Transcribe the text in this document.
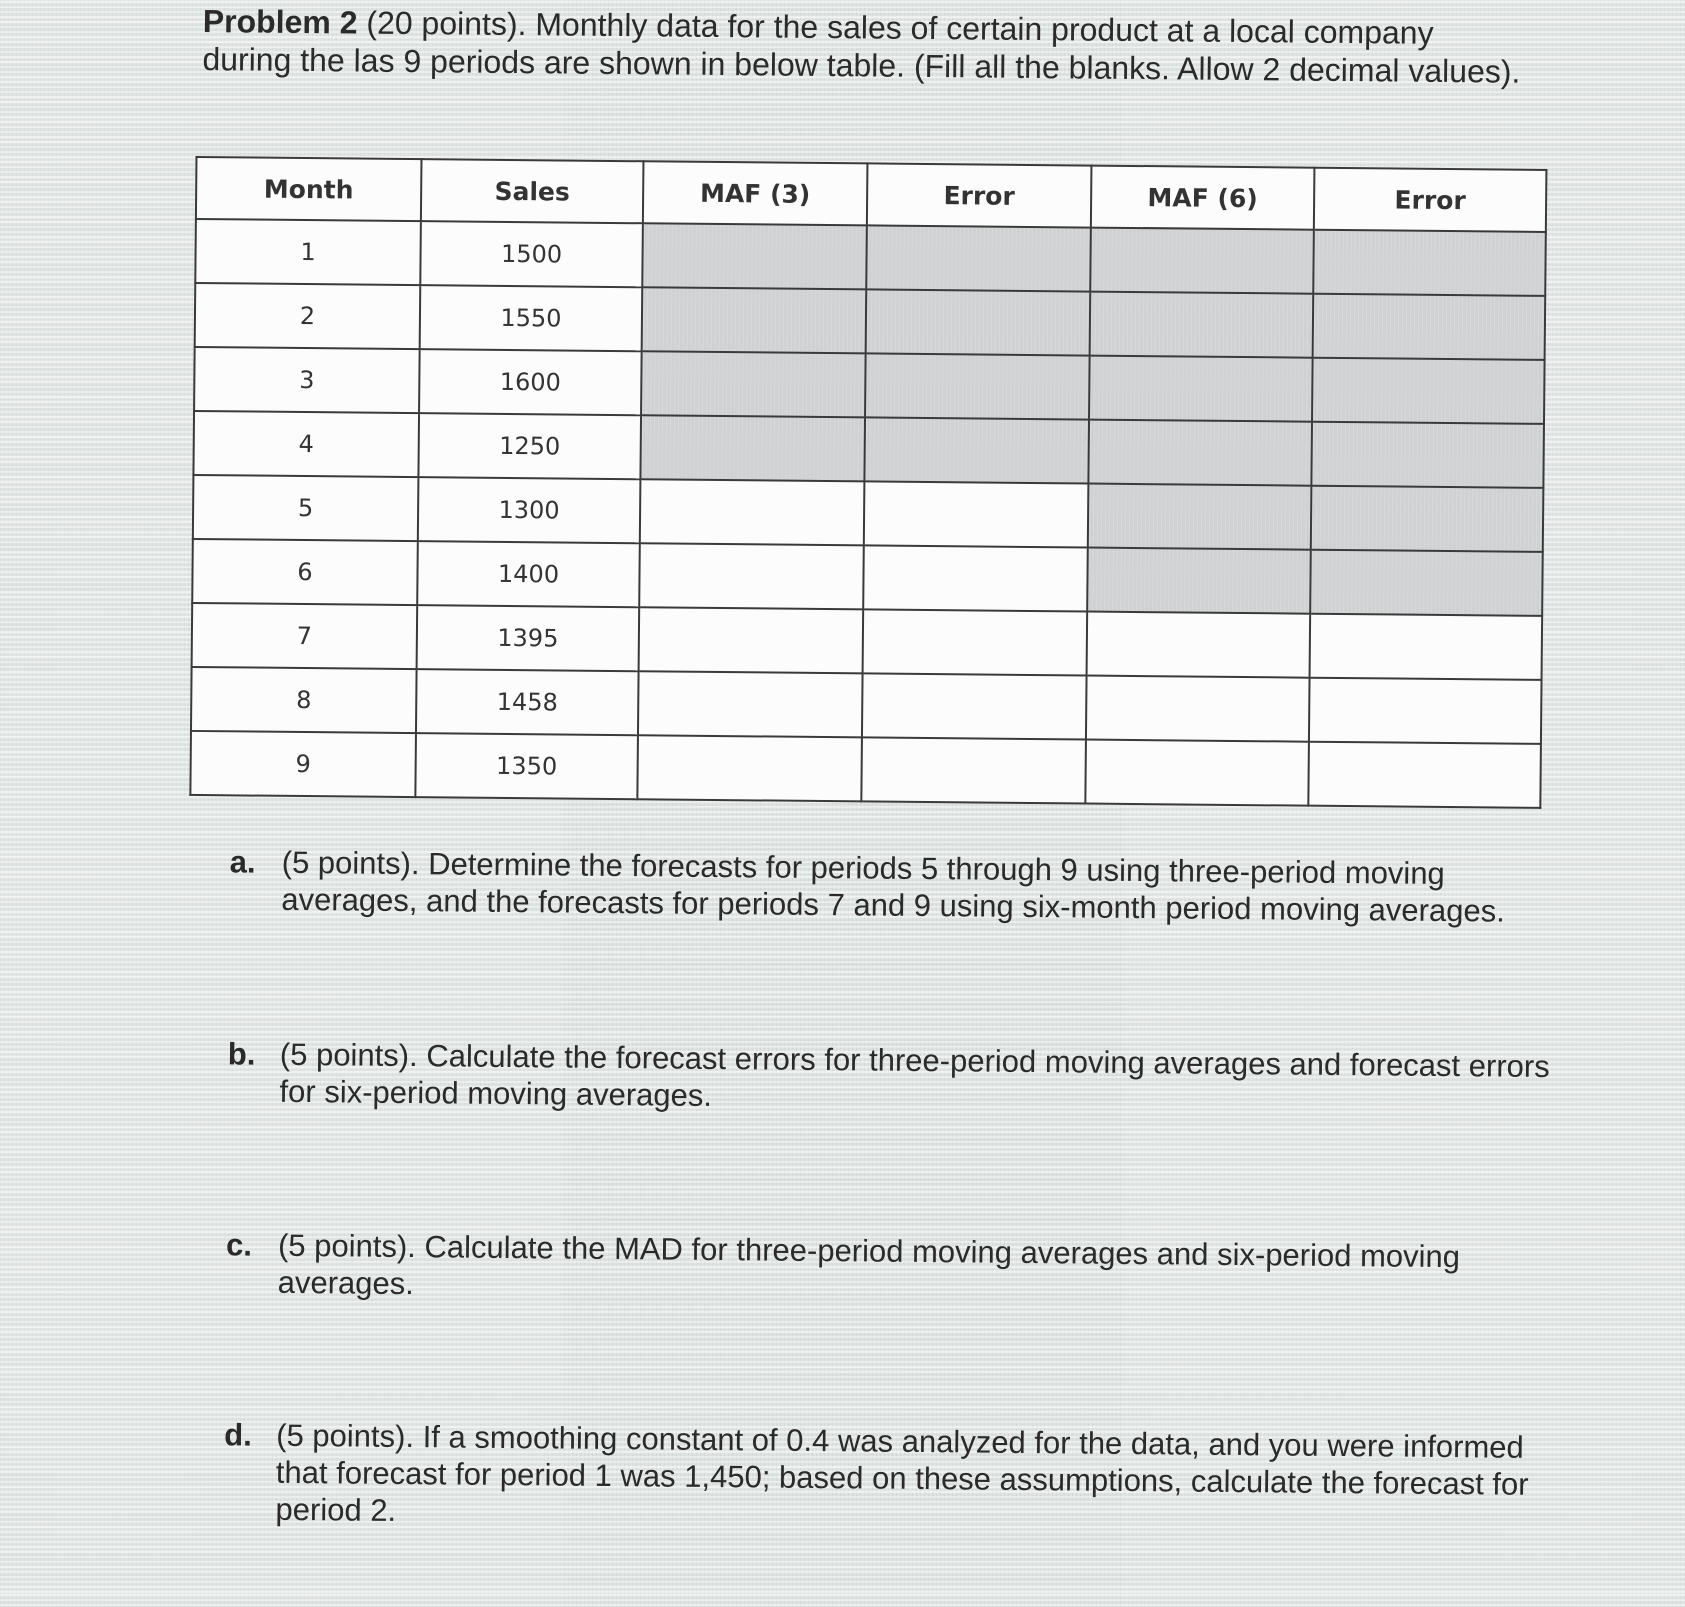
Problem 2 (20 points). Monthly data for the sales of certain product at a local company during the las 9 periods are shown in below table. (Fill all the blanks. Allow 2 decimal values).
Month	Sales	MAF (3)	Error	MAF (6)	Error
1	1500				
2	1550				
3	1600				
4	1250				
5	1300				
6	1400				
7	1395				
8	1458				
9	1350				
a. (5 points). Determine the forecasts for periods 5 through 9 using three-period moving averages, and the forecasts for periods 7 and 9 using six-month period moving averages.
b. (5 points). Calculate the forecast errors for three-period moving averages and forecast errors for six-period moving averages.
c. (5 points). Calculate the MAD for three-period moving averages and six-period moving averages.
d. (5 points). If a smoothing constant of 0.4 was analyzed for the data, and you were informed that forecast for period 1 was 1,450; based on these assumptions, calculate the forecast for period 2.
